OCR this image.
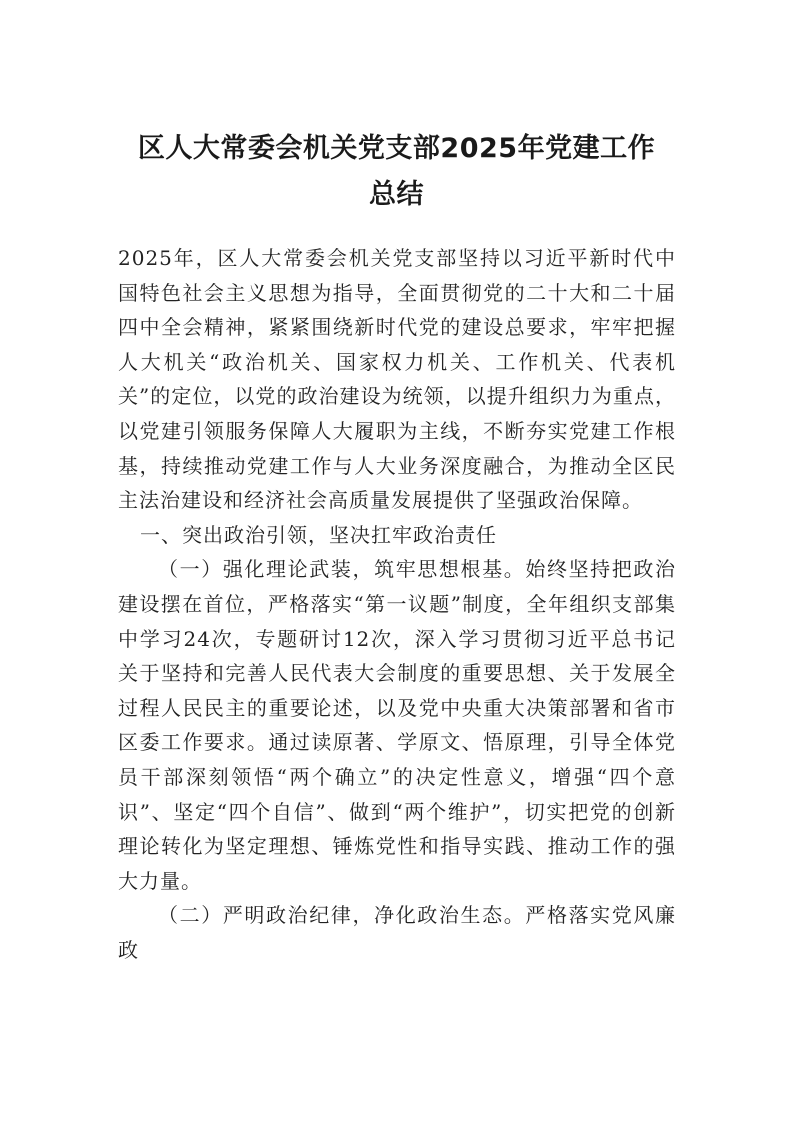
区人大常委会机关党支部2025年党建工作
总结

2025年，区人大常委会机关党支部坚持以习近平新时代中国特色社会主义思想为指导，全面贯彻党的二十大和二十届四中全会精神，紧紧围绕新时代党的建设总要求，牢牢把握人大机关“政治机关、国家权力机关、工作机关、代表机关”的定位，以党的政治建设为统领，以提升组织力为重点，以党建引领服务保障人大履职为主线，不断夯实党建工作根基，持续推动党建工作与人大业务深度融合，为推动全区民主法治建设和经济社会高质量发展提供了坚强政治保障。

一、突出政治引领，坚决扛牢政治责任

（一）强化理论武装，筑牢思想根基。始终坚持把政治建设摆在首位，严格落实“第一议题”制度，全年组织支部集中学习24次，专题研讨12次，深入学习贯彻习近平总书记关于坚持和完善人民代表大会制度的重要思想、关于发展全过程人民民主的重要论述，以及党中央重大决策部署和省市区委工作要求。通过读原著、学原文、悟原理，引导全体党员干部深刻领悟“两个确立”的决定性意义，增强“四个意识”、坚定“四个自信”、做到“两个维护”，切实把党的创新理论转化为坚定理想、锤炼党性和指导实践、推动工作的强大力量。

（二）严明政治纪律，净化政治生态。严格落实党风廉政
